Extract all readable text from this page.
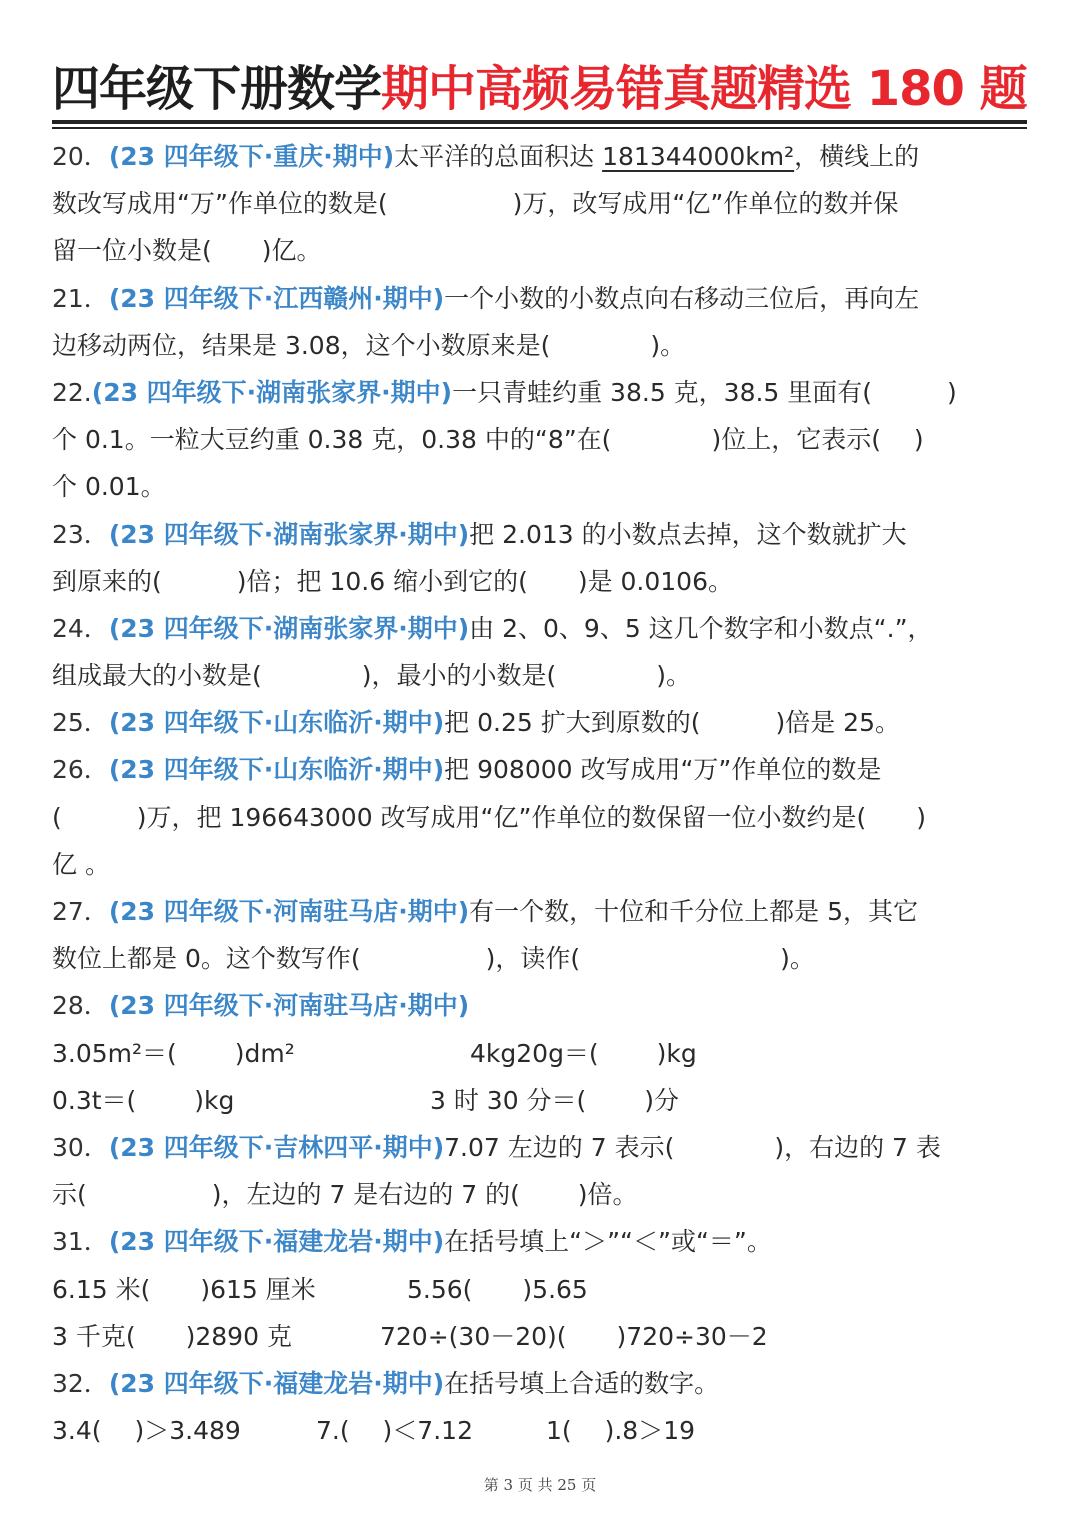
四年级下册数学期中高频易错真题精选 180 题
20．(23 四年级下·重庆·期中)太平洋的总面积达 181344000km²，横线上的
数改写成用“万”作单位的数是(　　　　　)万，改写成用“亿”作单位的数并保
留一位小数是(　　)亿。
21．(23 四年级下·江西赣州·期中)一个小数的小数点向右移动三位后，再向左
边移动两位，结果是 3.08，这个小数原来是(　　　　)。
22.(23 四年级下·湖南张家界·期中)一只青蛙约重 38.5 克，38.5 里面有(　　　)
个 0.1。一粒大豆约重 0.38 克，0.38 中的“8”在(　　　　)位上，它表示(　 )
个 0.01。
23．(23 四年级下·湖南张家界·期中)把 2.013 的小数点去掉，这个数就扩大
到原来的(　　　)倍；把 10.6 缩小到它的(　　)是 0.0106。
24．(23 四年级下·湖南张家界·期中)由 2、0、9、5 这几个数字和小数点“.”，
组成最大的小数是(　　　　)，最小的小数是(　　　　)。
25．(23 四年级下·山东临沂·期中)把 0.25 扩大到原数的(　　　)倍是 25。
26．(23 四年级下·山东临沂·期中)把 908000 改写成用“万”作单位的数是
(　　　)万，把 196643000 改写成用“亿”作单位的数保留一位小数约是(　　)
亿 。
27．(23 四年级下·河南驻马店·期中)有一个数，十位和千分位上都是 5，其它
数位上都是 0。这个数写作(　　　　　)，读作(　　　　　　　　)。
28．(23 四年级下·河南驻马店·期中)
3.05m²＝(　　 )dm²	4kg20g＝(　　 )kg
0.3t＝(　　 )kg	3 时 30 分＝(　　 )分
30．(23 四年级下·吉林四平·期中)7.07 左边的 7 表示(　　　　)，右边的 7 表
示(　　　　　)，左边的 7 是右边的 7 的(　　 )倍。
31．(23 四年级下·福建龙岩·期中)在括号填上“＞”“＜”或“＝”。
6.15 米(　　)615 厘米	5.56(　　)5.65
3 千克(　　)2890 克	720÷(30－20)(　　)720÷30－2
32．(23 四年级下·福建龙岩·期中)在括号填上合适的数字。
3.4(　 )＞3.489	7.(　 )＜7.12	1(　 ).8＞19
第 3 页 共 25 页
